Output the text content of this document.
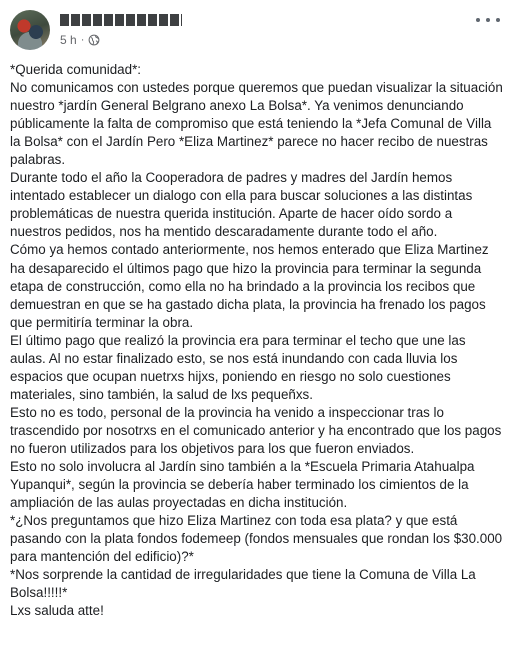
5 h ·

*Querida comunidad*:

No comunicamos con ustedes porque queremos que puedan visualizar la situación nuestro *jardín General Belgrano anexo La Bolsa*. Ya venimos denunciando públicamente la falta de compromiso que está teniendo la *Jefa Comunal de Villa la Bolsa* con el Jardín Pero *Eliza Martinez* parece no hacer recibo de nuestras palabras.

Durante todo el año la Cooperadora de padres y madres del Jardín hemos intentado establecer un dialogo con ella para buscar soluciones a las distintas problemáticas de nuestra querida institución. Aparte de hacer oído sordo a nuestros pedidos, nos ha mentido descaradamente durante todo el año.

Cómo ya hemos contado anteriormente, nos hemos enterado que Eliza Martinez ha desaparecido el últimos pago que hizo la provincia para terminar la segunda etapa de construcción, como ella no ha brindado a la provincia los recibos que demuestran en que se ha gastado dicha plata, la provincia ha frenado los pagos que permitiría terminar la obra.

El último pago que realizó la provincia era para terminar el techo que une las aulas. Al no estar finalizado esto, se nos está inundando con cada lluvia los espacios que ocupan nuetrxs hijxs, poniendo en riesgo no solo cuestiones materiales, sino también, la salud de lxs pequeñxs.

Esto no es todo, personal de la provincia ha venido a inspeccionar tras lo trascendido por nosotrxs en el comunicado anterior y ha encontrado que los pagos no fueron utilizados para los objetivos para los que fueron enviados.

Esto no solo involucra al Jardín sino también a la *Escuela Primaria Atahualpa Yupanqui*, según la provincia se debería haber terminado los cimientos de la ampliación de las aulas proyectadas en dicha institución.

*¿Nos preguntamos que hizo Eliza Martinez con toda esa plata? y que está pasando con la plata fondos fodemeep (fondos mensuales que rondan los $30.000 para mantención del edificio)?*

*Nos sorprende la cantidad de irregularidades que tiene la Comuna de Villa La Bolsa!!!!!*

Lxs saluda atte!
